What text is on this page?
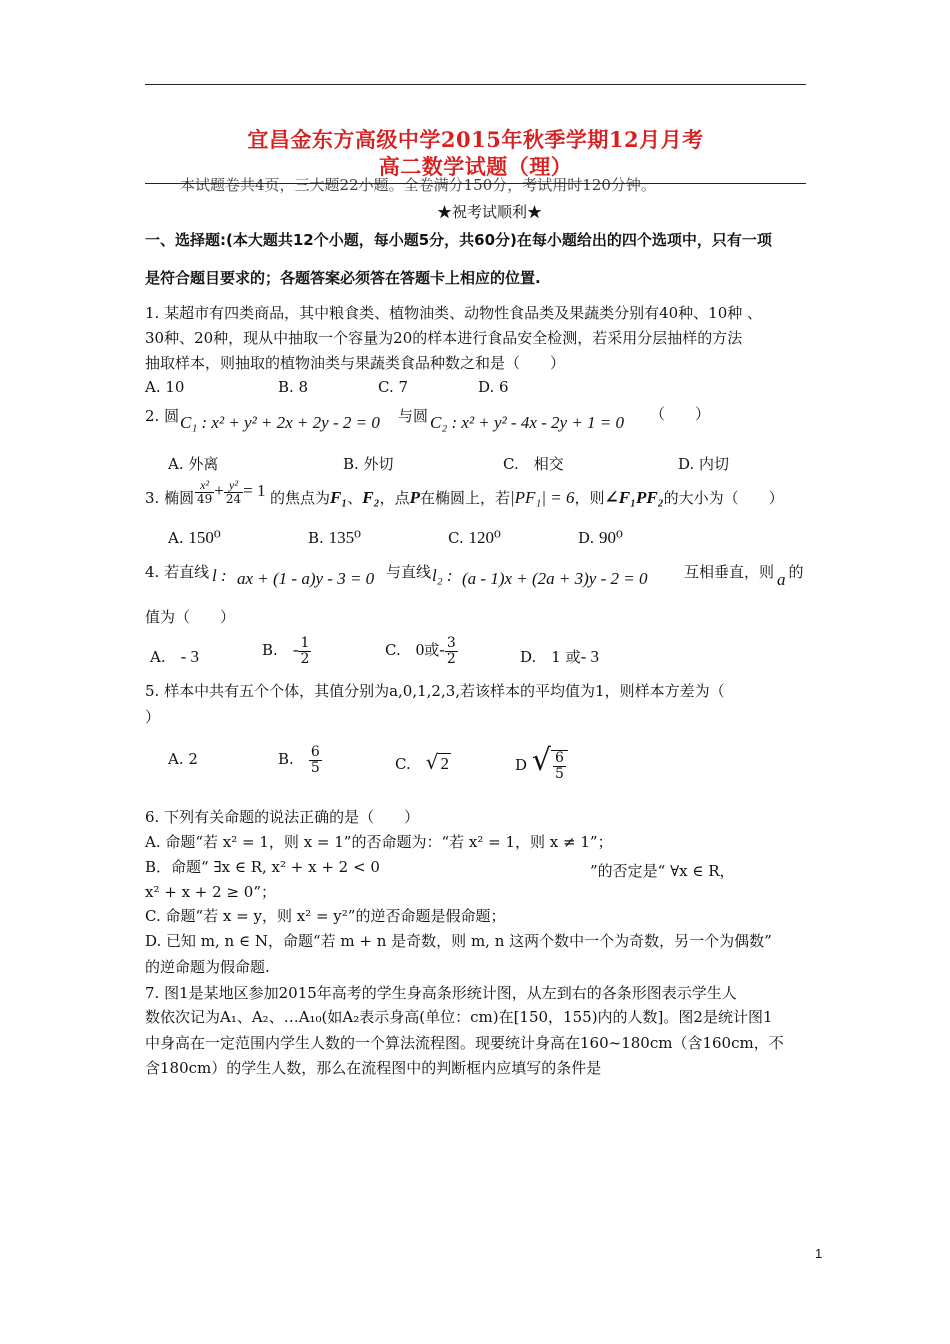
宜昌金东方高级中学2015年秋季学期12月月考
高二数学试题（理）
本试题卷共4页，三大题22小题。全卷满分150分，考试用时120分钟。
★祝考试顺利★
一、选择题:(本大题共12个小题，每小题5分，共60分)在每小题给出的四个选项中，只有一项
是符合题目要求的；各题答案必须答在答题卡上相应的位置.
1. 某超市有四类商品，其中粮食类、植物油类、动物性食品类及果蔬类分别有40种、10种 、
30种、20种，现从中抽取一个容量为20的样本进行食品安全检测，若采用分层抽样的方法
抽取样本，则抽取的植物油类与果蔬类食品种数之和是（　　）
A. 10	B. 8	C. 7	D. 6
2. 圆 C₁ : x² + y² + 2x + 2y - 2 = 0 与圆 C₂ : x² + y² - 4x - 2y + 1 = 0 （　　）
A. 外离	B. 外切	C.　相交	D. 内切
3. 椭圆 $\frac{\text{x²}}{49} + \frac{\text{y²}}{24} = 1$ 的焦点为F₁、F₂，点P在椭圆上，若|PF₁| = 6，则∠F₁PF₂的大小为（　　）
A. 150⁰	B. 135⁰	C. 120⁰	D. 90⁰
4. 若直线 l : ax + (1 - a)y - 3 = 0 与直线 l₂ : (a - 1)x + (2a + 3)y - 2 = 0 互相垂直，则 a 的
值为（　　）
A.　 - 3	B.　 - $\frac{1}{2}$	C.　 0或- $\frac{3}{2}$	D.　 1 或- 3
5. 样本中共有五个个体，其值分别为a,0,1,2,3,若该样本的平均值为1，则样本方差为（
）
A. 2	B.　 $\frac{6}{5}$	C.　 √ 2	D √ $\frac{6}{5}$
6. 下列有关命题的说法正确的是（　　）
A. 命题“若 x² = 1，则 x = 1”的否命题为：“若 x² = 1，则 x ≠ 1”；
B．命题“ ∃x ∈ R, x² + x + 2 < 0	”的否定是“ ∀x ∈ R，
x² + x + 2 ≥ 0”；
C. 命题“若 x = y，则 x² = y²”的逆否命题是假命题；
D. 已知 m, n ∈ N，命题“若 m + n 是奇数，则 m, n 这两个数中一个为奇数，另一个为偶数”
的逆命题为假命题.
7. 图1是某地区参加2015年高考的学生身高条形统计图，从左到右的各条形图表示学生人
数依次记为A₁、A₂、…A₁₀(如A₂表示身高(单位：cm)在[150，155)内的人数]。图2是统计图1
中身高在一定范围内学生人数的一个算法流程图。现要统计身高在160~180cm（含160cm，不
含180cm）的学生人数，那么在流程图中的判断框内应填写的条件是
1
